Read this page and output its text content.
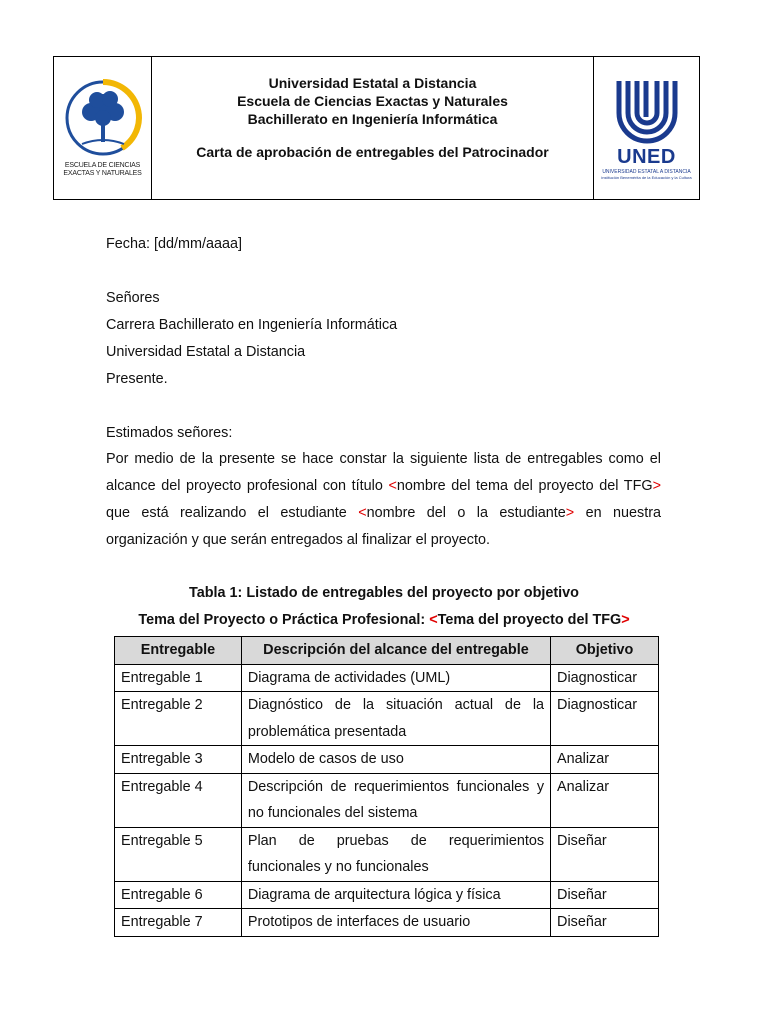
ESCUELA DE CIENCIAS
EXACTAS Y NATURALES
Universidad Estatal a Distancia
Escuela de Ciencias Exactas y Naturales
Bachillerato en Ingeniería Informática
Carta de aprobación de entregables del Patrocinador	UNED
UNIVERSIDAD ESTATAL A DISTANCIA
institución Benemérita de la Educación y la Cultura
Fecha: [dd/mm/aaaa]
Señores
Carrera Bachillerato en Ingeniería Informática
Universidad Estatal a Distancia
Presente.
Estimados señores:
Por medio de la presente se hace constar la siguiente lista de entregables como el alcance del proyecto profesional con título <nombre del tema del proyecto del TFG> que está realizando el estudiante <nombre del o la estudiante> en nuestra organización y que serán entregados al finalizar el proyecto.
Tabla 1: Listado de entregables del proyecto por objetivo
Tema del Proyecto o Práctica Profesional: <Tema del proyecto del TFG>
Entregable	Descripción del alcance del entregable	Objetivo
Entregable 1	Diagrama de actividades (UML)	Diagnosticar
Entregable 2	Diagnóstico de la situación actual de la problemática presentada	Diagnosticar
Entregable 3	Modelo de casos de uso	Analizar
Entregable 4	Descripción de requerimientos funcionales y no funcionales del sistema	Analizar
Entregable 5	Plan de pruebas de requerimientos funcionales y no funcionales	Diseñar
Entregable 6	Diagrama de arquitectura lógica y física	Diseñar
Entregable 7	Prototipos de interfaces de usuario	Diseñar
